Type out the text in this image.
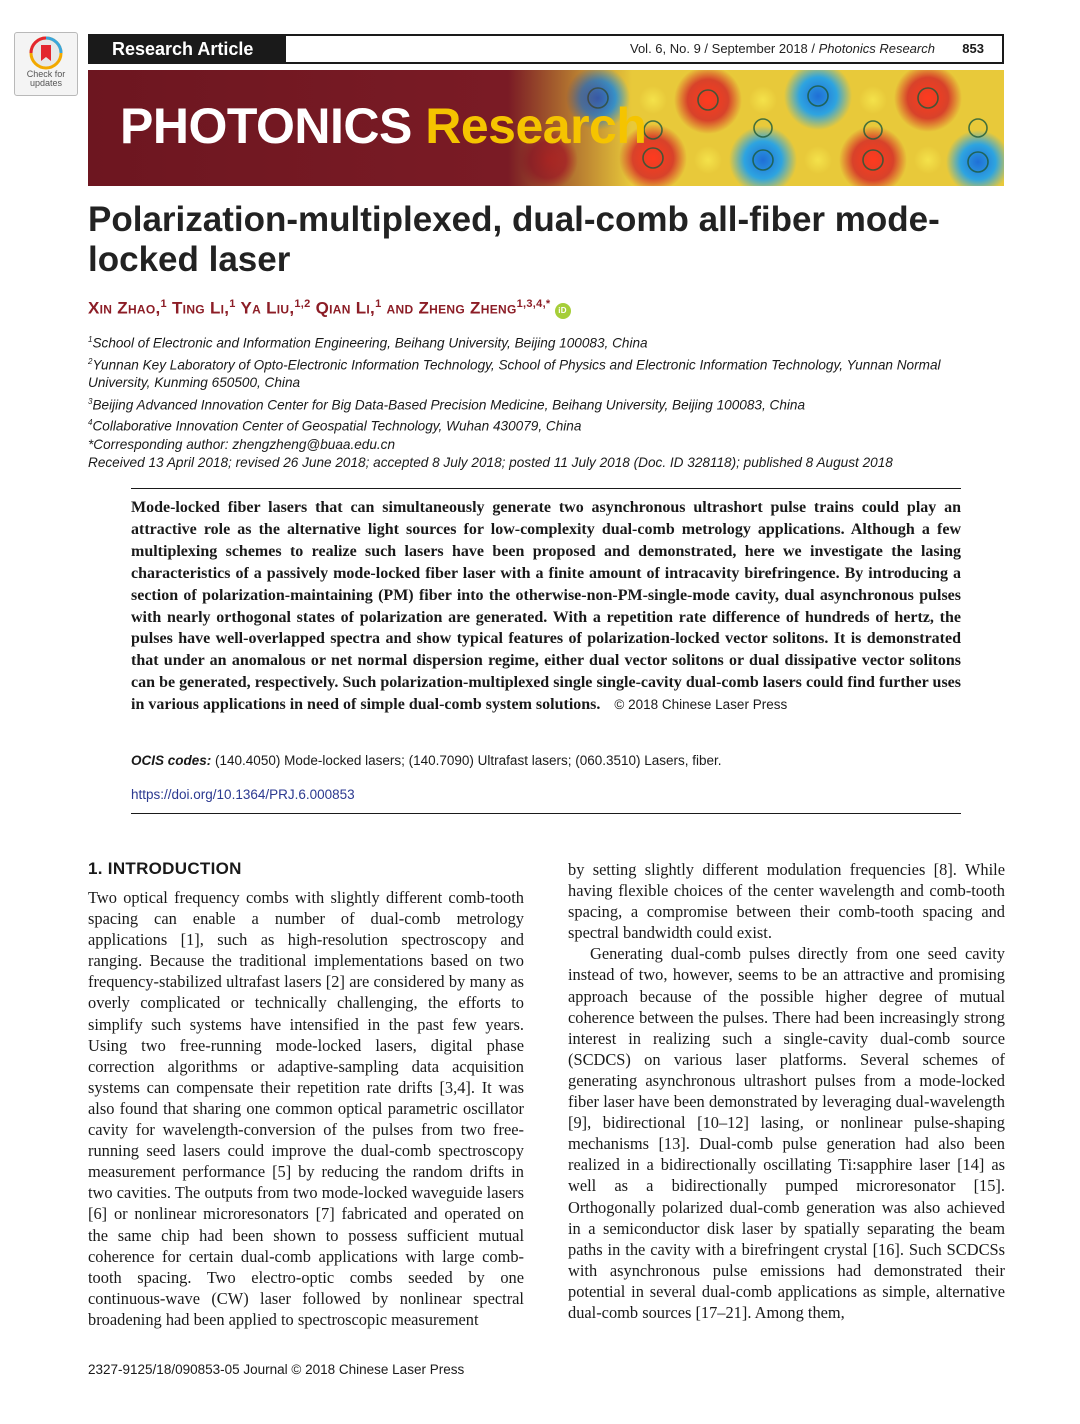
Check for
updates
Research Article	Vol. 6, No. 9 / September 2018 / Photonics Research 853
PHOTONICS Research
Polarization-multiplexed, dual-comb all-fiber mode-locked laser
Xin Zhao,$^1$ Ting Li,$^1$ Ya Liu,$^{1,2}$ Qian Li,$^1$ and Zheng Zheng$^{1,3,4,*}$iD
$^1$School of Electronic and Information Engineering, Beihang University, Beijing 100083, China
$^2$Yunnan Key Laboratory of Opto-Electronic Information Technology, School of Physics and Electronic Information Technology, Yunnan Normal University, Kunming 650500, China
$^3$Beijing Advanced Innovation Center for Big Data-Based Precision Medicine, Beihang University, Beijing 100083, China
$^4$Collaborative Innovation Center of Geospatial Technology, Wuhan 430079, China
*Corresponding author: zhengzheng@buaa.edu.cn
Received 13 April 2018; revised 26 June 2018; accepted 8 July 2018; posted 11 July 2018 (Doc. ID 328118); published 8 August 2018
Mode-locked fiber lasers that can simultaneously generate two asynchronous ultrashort pulse trains could play an attractive role as the alternative light sources for low-complexity dual-comb metrology applications. Although a few multiplexing schemes to realize such lasers have been proposed and demonstrated, here we investigate the lasing characteristics of a passively mode-locked fiber laser with a finite amount of intracavity birefringence. By introducing a section of polarization-maintaining (PM) fiber into the otherwise-non-PM-single-mode cavity, dual asynchronous pulses with nearly orthogonal states of polarization are generated. With a repetition rate difference of hundreds of hertz, the pulses have well-overlapped spectra and show typical features of polarization-locked vector solitons. It is demonstrated that under an anomalous or net normal dispersion regime, either dual vector solitons or dual dissipative vector solitons can be generated, respectively. Such polarization-multiplexed single single-cavity dual-comb lasers could find further uses in various applications in need of simple dual-comb system solutions. © 2018 Chinese Laser Press
OCIS codes: (140.4050) Mode-locked lasers; (140.7090) Ultrafast lasers; (060.3510) Lasers, fiber.
https://doi.org/10.1364/PRJ.6.000853
1. INTRODUCTION

Two optical frequency combs with slightly different comb-tooth spacing can enable a number of dual-comb metrology applications [1], such as high-resolution spectroscopy and ranging. Because the traditional implementations based on two frequency-stabilized ultrafast lasers [2] are considered by many as overly complicated or technically challenging, the efforts to simplify such systems have intensified in the past few years. Using two free-running mode-locked lasers, digital phase correction algorithms or adaptive-sampling data acquisition systems can compensate their repetition rate drifts [3,4]. It was also found that sharing one common optical parametric oscillator cavity for wavelength-conversion of the pulses from two free-running seed lasers could improve the dual-comb spectroscopy measurement performance [5] by reducing the random drifts in two cavities. The outputs from two mode-locked waveguide lasers [6] or nonlinear microresonators [7] fabricated and operated on the same chip had been shown to possess sufficient mutual coherence for certain dual-comb applications with large comb-tooth spacing. Two electro-optic combs seeded by one continuous-wave (CW) laser followed by nonlinear spectral broadening had been applied to spectroscopic measurement

by setting slightly different modulation frequencies [8]. While having flexible choices of the center wavelength and comb-tooth spacing, a compromise between their comb-tooth spacing and spectral bandwidth could exist.

Generating dual-comb pulses directly from one seed cavity instead of two, however, seems to be an attractive and promising approach because of the possible higher degree of mutual coherence between the pulses. There had been increasingly strong interest in realizing such a single-cavity dual-comb source (SCDCS) on various laser platforms. Several schemes of generating asynchronous ultrashort pulses from a mode-locked fiber laser have been demonstrated by leveraging dual-wavelength [9], bidirectional [10–12] lasing, or nonlinear pulse-shaping mechanisms [13]. Dual-comb pulse generation had also been realized in a bidirectionally oscillating Ti:sapphire laser [14] as well as a bidirectionally pumped microresonator [15]. Orthogonally polarized dual-comb generation was also achieved in a semiconductor disk laser by spatially separating the beam paths in the cavity with a birefringent crystal [16]. Such SCDCSs with asynchronous pulse emissions had demonstrated their potential in several dual-comb applications as simple, alternative dual-comb sources [17–21]. Among them,

2327-9125/18/090853-05 Journal © 2018 Chinese Laser Press
